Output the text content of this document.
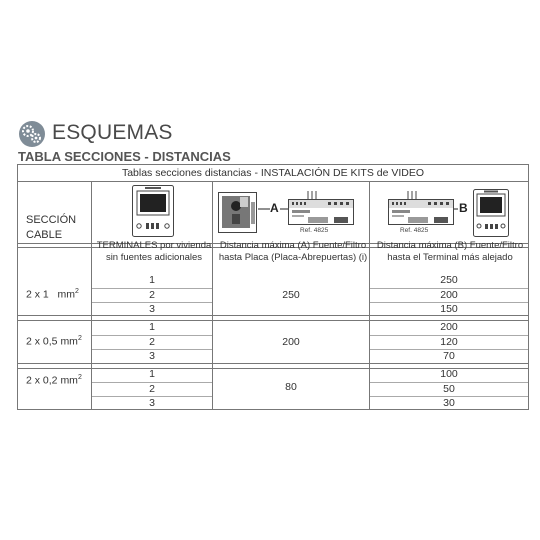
ESQUEMAS
TABLA SECCIONES - DISTANCIAS
Tablas secciones distancias - INSTALACIÓN DE KITS de VIDEO
SECCIÓN
CABLE
TERMINALES por vivienda
sin fuentes adicionales
A
Ref. 4825
Distancia máxima (A) Fuente/Filtro
hasta Placa (Placa-Abrepuertas) (i)
Ref. 4825
B
Distancia máxima (B) Fuente/Filtro
hasta el Terminal más alejado
2 x 1 $mm^2$
1
2
3
250
250
200
150
2 x 0,5 $mm^2$
1
2
3
200
200
120
70
2 x 0,2 $mm^2$	1
2
3
80
100
50
30
